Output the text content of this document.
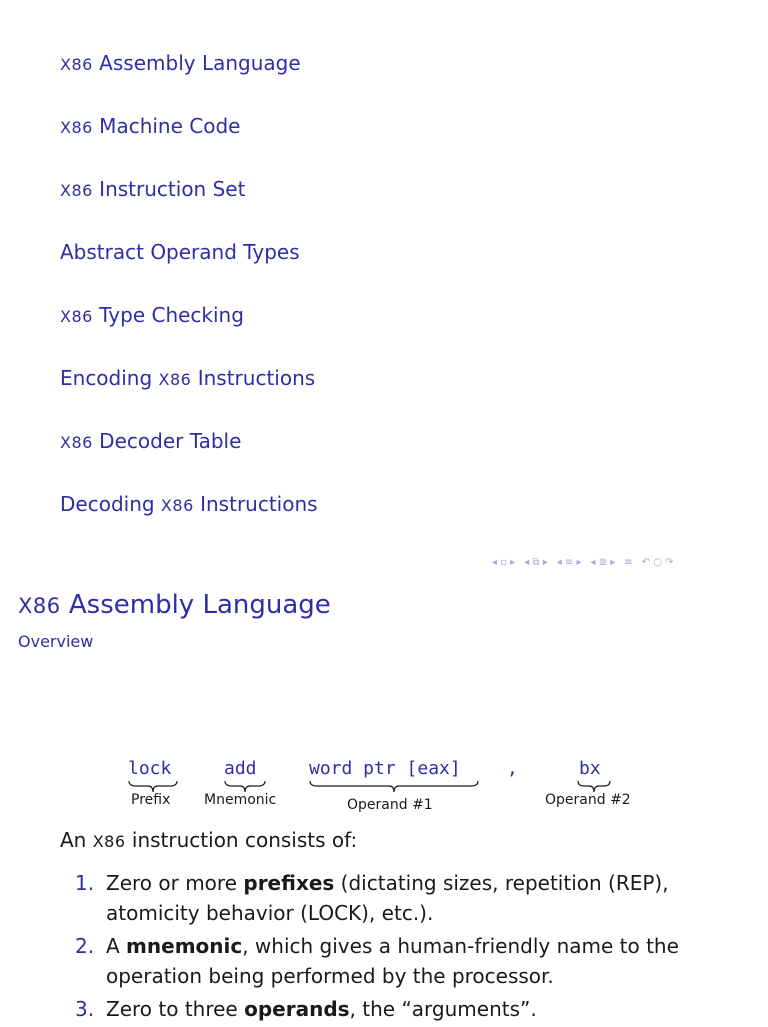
X86 Assembly Language
X86 Machine Code
X86 Instruction Set
Abstract Operand Types
X86 Type Checking
Encoding X86 Instructions
X86 Decoder Table
Decoding X86 Instructions
◂ ▫ ▸ ◂ ⧉ ▸ ◂ ≡ ▸ ◂ ≣ ▸ ≡ ↶ ○ ↷
X86 Assembly Language
Overview
lock	add	word ptr [eax]	,	bx
Prefix Mnemonic	Operand #1	Operand #2

An X86 instruction consists of:

1. Zero or more prefixes (dictating sizes, repetition (REP), atomicity behavior (LOCK), etc.).
2. A mnemonic, which gives a human-friendly name to the operation being performed by the processor.
3. Zero to three operands, the “arguments”.
